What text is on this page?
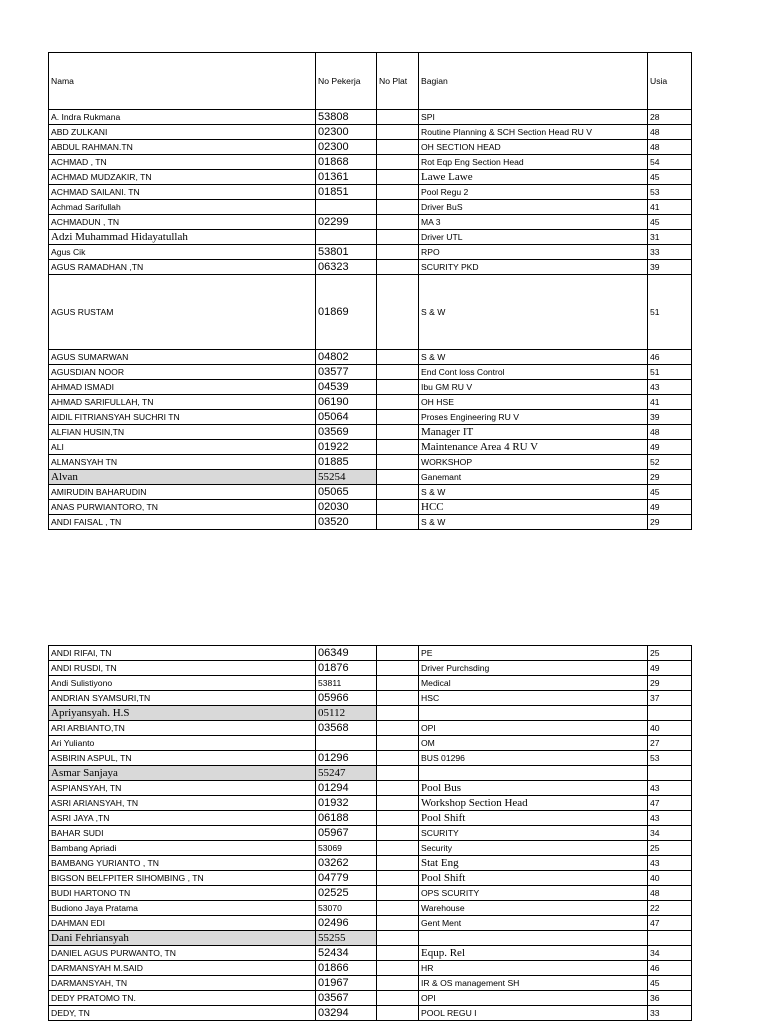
Nama	No Pekerja	No Plat	Bagian	Usia
A. Indra Rukmana	53808		SPI	28
ABD ZULKANI	02300		Routine Planning & SCH Section Head RU V	48
ABDUL RAHMAN.TN	02300		OH SECTION HEAD	48
ACHMAD , TN	01868		Rot Eqp Eng Section Head	54
ACHMAD MUDZAKIR, TN	01361		Lawe Lawe	45
ACHMAD SAILANI. TN	01851		Pool Regu 2	53
Achmad Sarifullah			Driver BuS	41
ACHMADUN , TN	02299		MA 3	45
Adzi Muhammad Hidayatullah			Driver UTL	31
Agus Cik	53801		RPO	33
AGUS RAMADHAN ,TN	06323		SCURITY PKD	39
AGUS RUSTAM	01869		S & W	51
AGUS SUMARWAN	04802		S & W	46
AGUSDIAN NOOR	03577		End Cont loss Control	51
AHMAD ISMADI	04539		Ibu GM RU V	43
AHMAD SARIFULLAH, TN	06190		OH HSE	41
AIDIL FITRIANSYAH SUCHRI TN	05064		Proses Engineering RU V	39
ALFIAN HUSIN,TN	03569		Manager IT	48
ALI	01922		Maintenance Area 4 RU V	49
ALMANSYAH TN	01885		WORKSHOP	52
Alvan	55254		Ganemant	29
AMIRUDIN BAHARUDIN	05065		S & W	45
ANAS PURWIANTORO, TN	02030		HCC	49
ANDI FAISAL , TN	03520		S & W	29
ANDI RIFAI, TN	06349		PE	25
ANDI RUSDI, TN	01876		Driver Purchsding	49
Andi Sulistiyono	53811		Medical	29
ANDRIAN SYAMSURI,TN	05966		HSC	37
Apriyansyah. H.S	05112			
ARI ARBIANTO,TN	03568		OPI	40
Ari Yulianto			OM	27
ASBIRIN ASPUL, TN	01296		BUS 01296	53
Asmar Sanjaya	55247			
ASPIANSYAH, TN	01294		Pool Bus	43
ASRI ARIANSYAH, TN	01932		Workshop Section Head	47
ASRI JAYA ,TN	06188		Pool Shift	43
BAHAR SUDI	05967		SCURITY	34
Bambang Apriadi	53069		Security	25
BAMBANG YURIANTO , TN	03262		Stat Eng	43
BIGSON BELFPITER SIHOMBING , TN	04779		Pool Shift	40
BUDI HARTONO TN	02525		OPS SCURITY	48
Budiono Jaya Pratama	53070		Warehouse	22
DAHMAN EDI	02496		Gent Ment	47
Dani Fehriansyah	55255			
DANIEL AGUS PURWANTO, TN	52434		Equp. Rel	34
DARMANSYAH M.SAID	01866		HR	46
DARMANSYAH, TN	01967		IR & OS management SH	45
DEDY PRATOMO TN.	03567		OPI	36
DEDY, TN	03294		POOL REGU I	33
